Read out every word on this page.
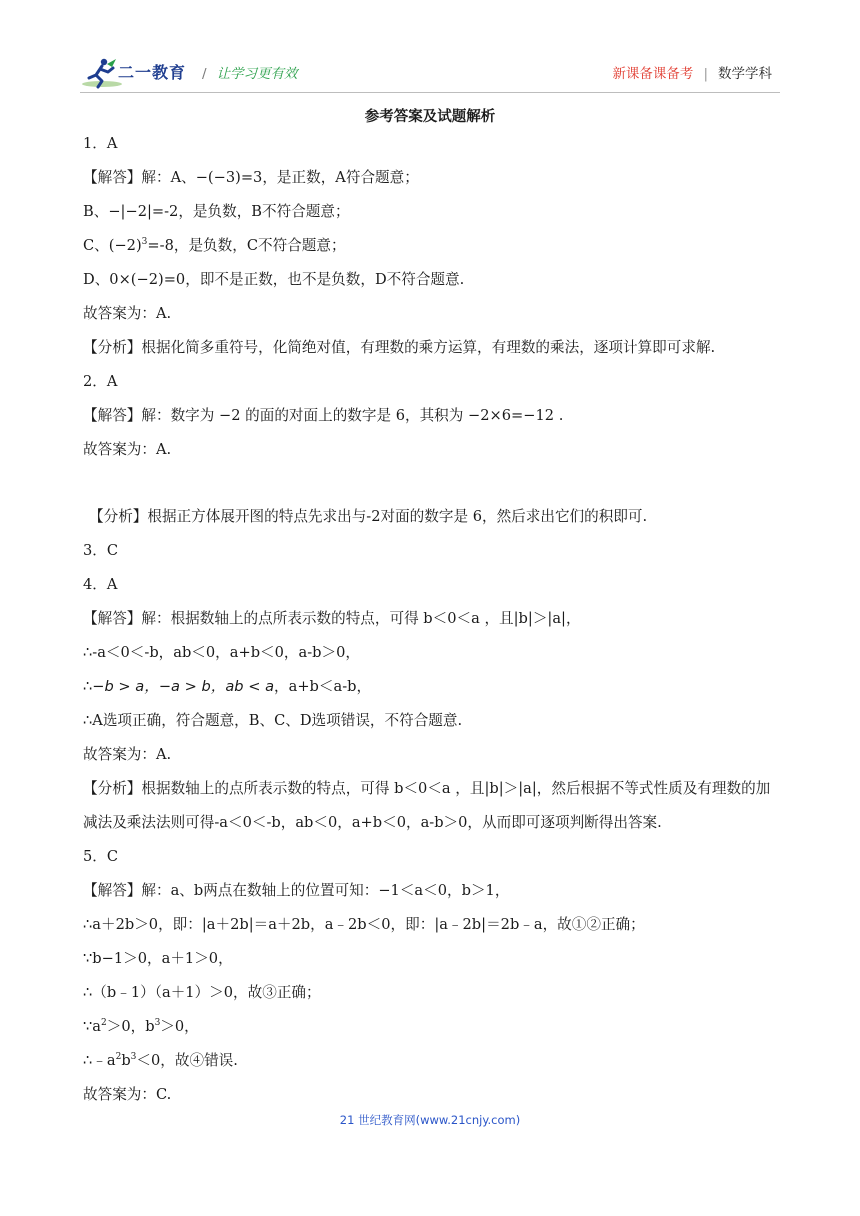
二一教育 / 让学习更有效	新课备课备考 | 数学学科
参考答案及试题解析
1．A
【解答】解：A、−(−3)=3，是正数，A符合题意；
B、−|−2|=-2，是负数，B不符合题意；
C、$(-2)^3=-8$，是负数，C不符合题意；
D、0×(−2)=0，即不是正数，也不是负数，D不符合题意.
故答案为：A.
【分析】根据化简多重符号，化简绝对值，有理数的乘方运算，有理数的乘法，逐项计算即可求解.
2．A
【解答】解：数字为 −2 的面的对面上的数字是 6，其积为 −2×6=−12 .
故答案为：A.
【分析】根据正方体展开图的特点先求出与-2对面的数字是 6，然后求出它们的积即可.
3．C
4．A
【解答】解：根据数轴上的点所表示数的特点，可得 b＜0＜a ，且|b|＞|a|，
∴-a＜0＜-b，ab＜0，a+b＜0，a-b＞0，
∴−b > a，−a > b，ab < a，a+b＜a-b，
∴A选项正确，符合题意，B、C、D选项错误，不符合题意.
故答案为：A.
【分析】根据数轴上的点所表示数的特点，可得 b＜0＜a ，且|b|＞|a|，然后根据不等式性质及有理数的加减法及乘法法则可得-a＜0＜-b，ab＜0，a+b＜0，a-b＞0，从而即可逐项判断得出答案.
5．C
【解答】解：a、b两点在数轴上的位置可知：−1＜a＜0，b＞1，
∴a＋2b＞0，即：|a＋2b|＝a＋2b，a﹣2b＜0，即：|a﹣2b|＝2b﹣a，故①②正确；
∵b−1＞0，a＋1＞0，
∴（b﹣1）（a＋1）＞0，故③正确；
$\because a^2>0$，$b^3>0$，
$\therefore﹣a^2b^3<0$，故④错误.
故答案为：C.
21 世纪教育网(www.21cnjy.com)
